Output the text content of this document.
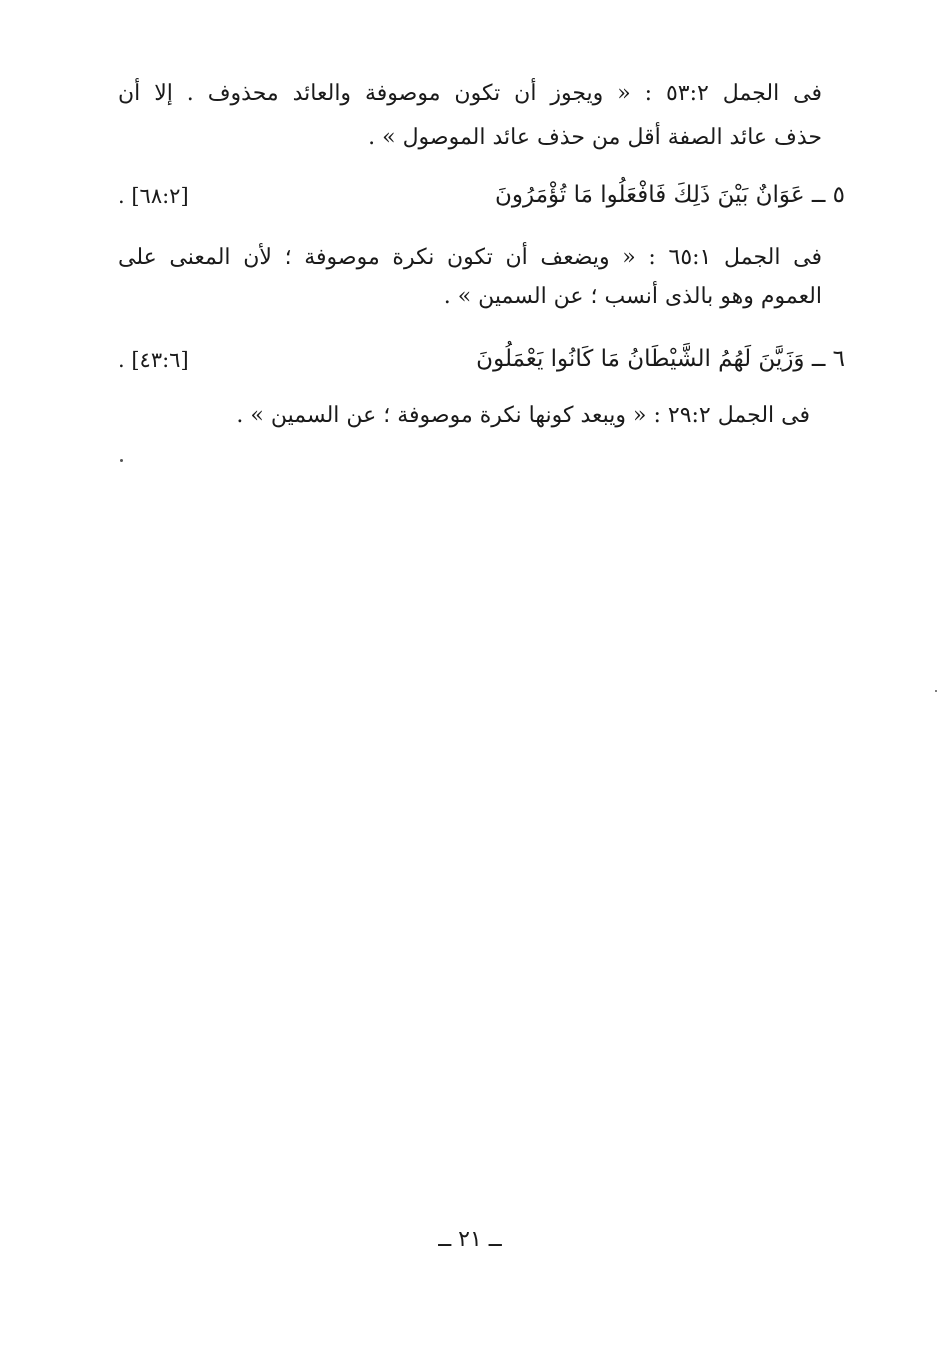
فى الجمل ٥٣:٢ : « ويجوز أن تكون موصوفة والعائد محذوف . إلا أن
حذف عائد الصفة أقل من حذف عائد الموصول » .
٥ ــ عَوَانٌ بَيْنَ ذَلِكَ فَافْعَلُوا مَا تُؤْمَرُونَ
[٦٨:٢] .
فى الجمل ٦٥:١ : « ويضعف أن تكون نكرة موصوفة ؛ لأن المعنى على
العموم وهو بالذى أنسب ؛ عن السمين » .
٦ ــ وَزَيَّنَ لَهُمُ الشَّيْطَانُ مَا كَانُوا يَعْمَلُونَ
[٤٣:٦] .
فى الجمل ٢٩:٢ : « ويبعد كونها نكرة موصوفة ؛ عن السمين » .
ــ ٢١ ــ
